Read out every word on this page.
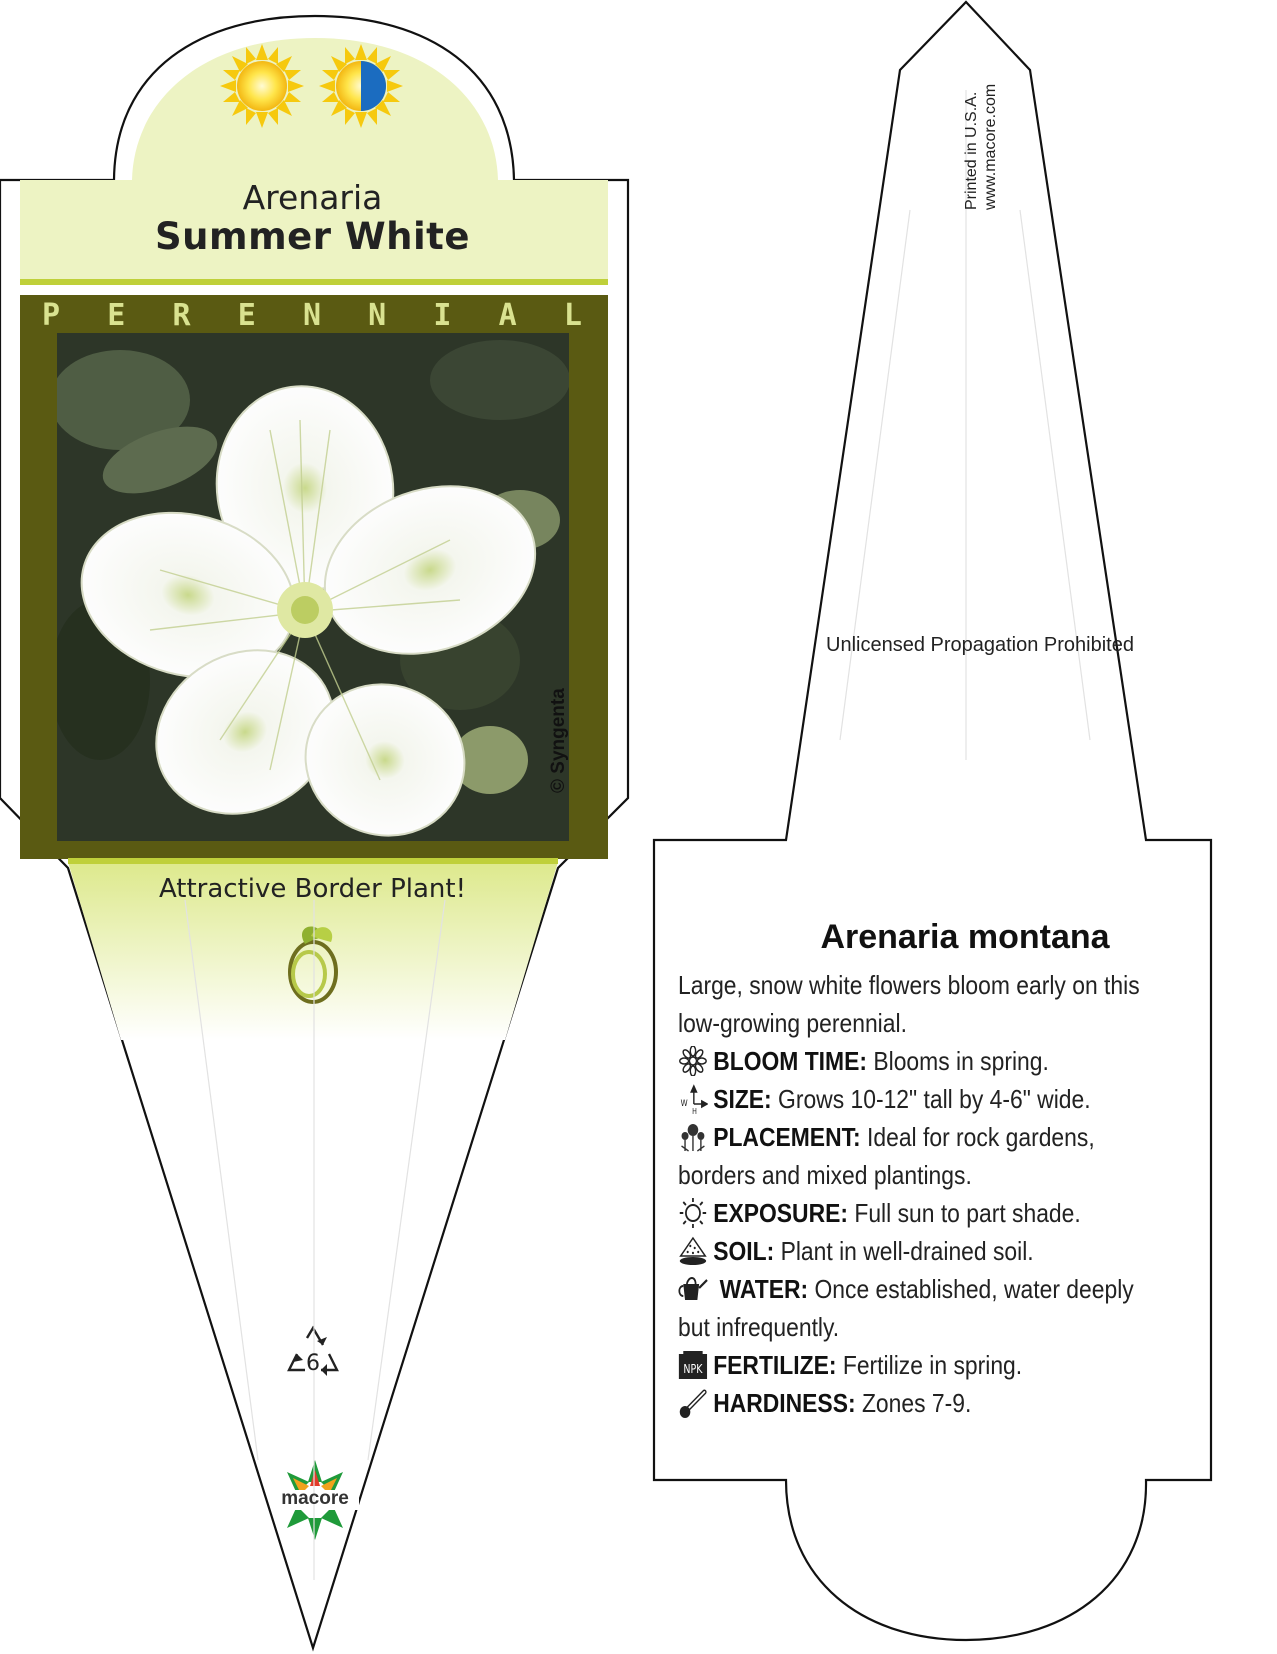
Arenaria
Summer White
P E R E N N I A L
© Syngenta
Attractive Border Plant!
6
macore
Printed in U.S.A. www.macore.com
Unlicensed Propagation Prohibited
Arenaria montana
Large, snow white flowers bloom early on this low-growing perennial.
BLOOM TIME: Blooms in spring.
W
H SIZE: Grows 10-12" tall by 4-6" wide.
PLACEMENT: Ideal for rock gardens, borders and mixed plantings.
EXPOSURE: Full sun to part shade.
SOIL: Plant in well-drained soil.
WATER: Once established, water deeply but infrequently.
NPK FERTILIZE: Fertilize in spring.
HARDINESS: Zones 7-9.
